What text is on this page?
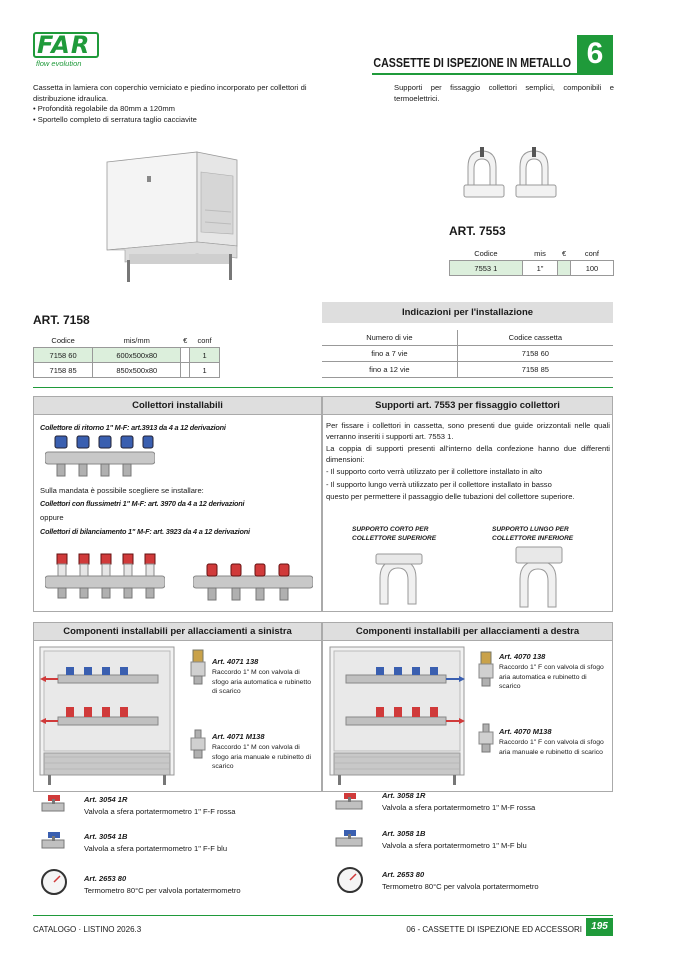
FAR
flow evolution	CASSETTE DI ISPEZIONE IN METALLO 6
Cassetta in lamiera con coperchio verniciato e piedino incorporato per collettori di distribuzione idraulica.
• Profondità regolabile da 80mm a 120mm
• Sportello completo di serratura taglio cacciavite
Supporti per fissaggio collettori semplici, componibili e termoelettrici.
ART. 7553
Codice	mis	€	conf
7553 1	1"		100
ART. 7158
Codice	mis/mm	€	conf
7158 60	600x500x80		1
7158 85	850x500x80		1
Indicazioni per l'installazione
Numero di vie	Codice cassetta
fino a 7 vie	7158 60
fino a 12 vie	7158 85
Collettori installabili
Collettore di ritorno 1" M-F: art.3913 da 4 a 12 derivazioni
Sulla mandata è possibile scegliere se installare:
Collettori con flussimetri 1" M-F: art. 3970 da 4 a 12 derivazioni
oppure
Collettori di bilanciamento 1" M-F: art. 3923 da 4 a 12 derivazioni
Supporti art. 7553 per fissaggio collettori

Per fissare i collettori in cassetta, sono presenti due guide orizzontali nelle quali verranno inseriti i supporti art. 7553 1.

La coppia di supporti presenti all'interno della confezione hanno due differenti dimensioni:

- Il supporto corto verrà utilizzato per il collettore installato in alto

- Il supporto lungo verrà utilizzato per il collettore installato in basso

questo per permettere il passaggio delle tubazioni del collettore superiore.

SUPPORTO CORTO PER
COLLETTORE SUPERIORE
SUPPORTO LUNGO PER
COLLETTORE INFERIORE
Componenti installabili per allacciamenti a sinistra
Art. 4071 138
Raccordo 1" M con valvola di sfogo aria automatica e rubinetto di scarico
Art. 4071 M138
Raccordo 1" M con valvola di sfogo aria manuale e rubinetto di scarico
Art. 3054 1R
Valvola a sfera portatermometro 1" F-F rossa
Art. 3054 1B
Valvola a sfera portatermometro 1" F-F blu
Art. 2653 80
Termometro 80°C per valvola portatermometro
Componenti installabili per allacciamenti a destra
Art. 4070 138
Raccordo 1" F con valvola di sfogo aria automatica e rubinetto di scarico
Art. 4070 M138
Raccordo 1" F con valvola di sfogo aria manuale e rubinetto di scarico
Art. 3058 1R
Valvola a sfera portatermometro 1" M-F rossa
Art. 3058 1B
Valvola a sfera portatermometro 1" M-F blu
Art. 2653 80
Termometro 80°C per valvola portatermometro
CATALOGO · LISTINO 2026.3	06 - CASSETTE DI ISPEZIONE ED ACCESSORI 195
